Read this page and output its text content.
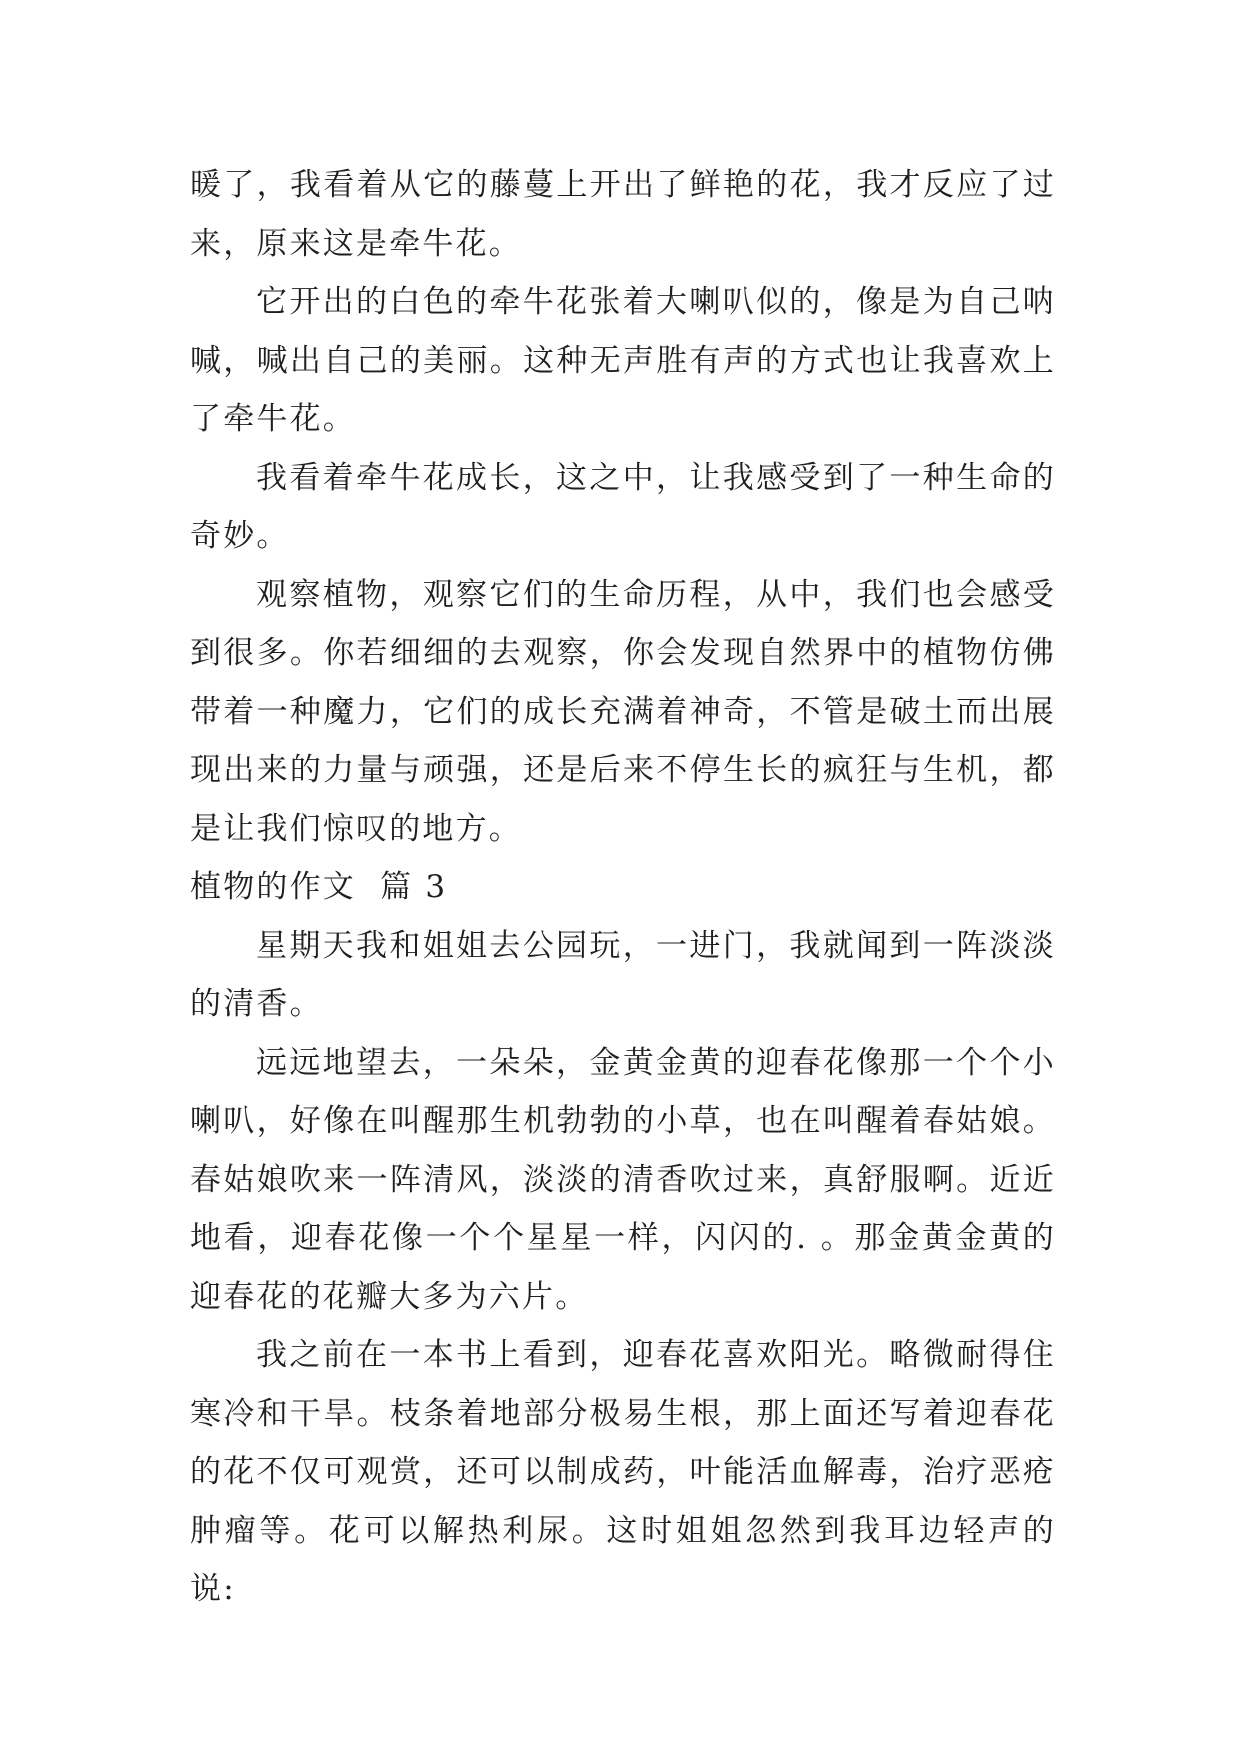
暖了，我看着从它的藤蔓上开出了鲜艳的花，我才反应了过来，原来这是牵牛花。

它开出的白色的牵牛花张着大喇叭似的，像是为自己呐喊，喊出自己的美丽。这种无声胜有声的方式也让我喜欢上了牵牛花。

我看着牵牛花成长，这之中，让我感受到了一种生命的奇妙。

观察植物，观察它们的生命历程，从中，我们也会感受到很多。你若细细的去观察，你会发现自然界中的植物仿佛带着一种魔力，它们的成长充满着神奇，不管是破土而出展现出来的力量与顽强，还是后来不停生长的疯狂与生机，都是让我们惊叹的地方。

植物的作文  篇 3

星期天我和姐姐去公园玩，一进门，我就闻到一阵淡淡的清香。

远远地望去，一朵朵，金黄金黄的迎春花像那一个个小喇叭，好像在叫醒那生机勃勃的小草，也在叫醒着春姑娘。春姑娘吹来一阵清风，淡淡的清香吹过来，真舒服啊。近近地看，迎春花像一个个星星一样，闪闪的. 。那金黄金黄的迎春花的花瓣大多为六片。

我之前在一本书上看到，迎春花喜欢阳光。略微耐得住寒冷和干旱。枝条着地部分极易生根，那上面还写着迎春花的花不仅可观赏，还可以制成药，叶能活血解毒，治疗恶疮肿瘤等。花可以解热利尿。这时姐姐忽然到我耳边轻声的说:
